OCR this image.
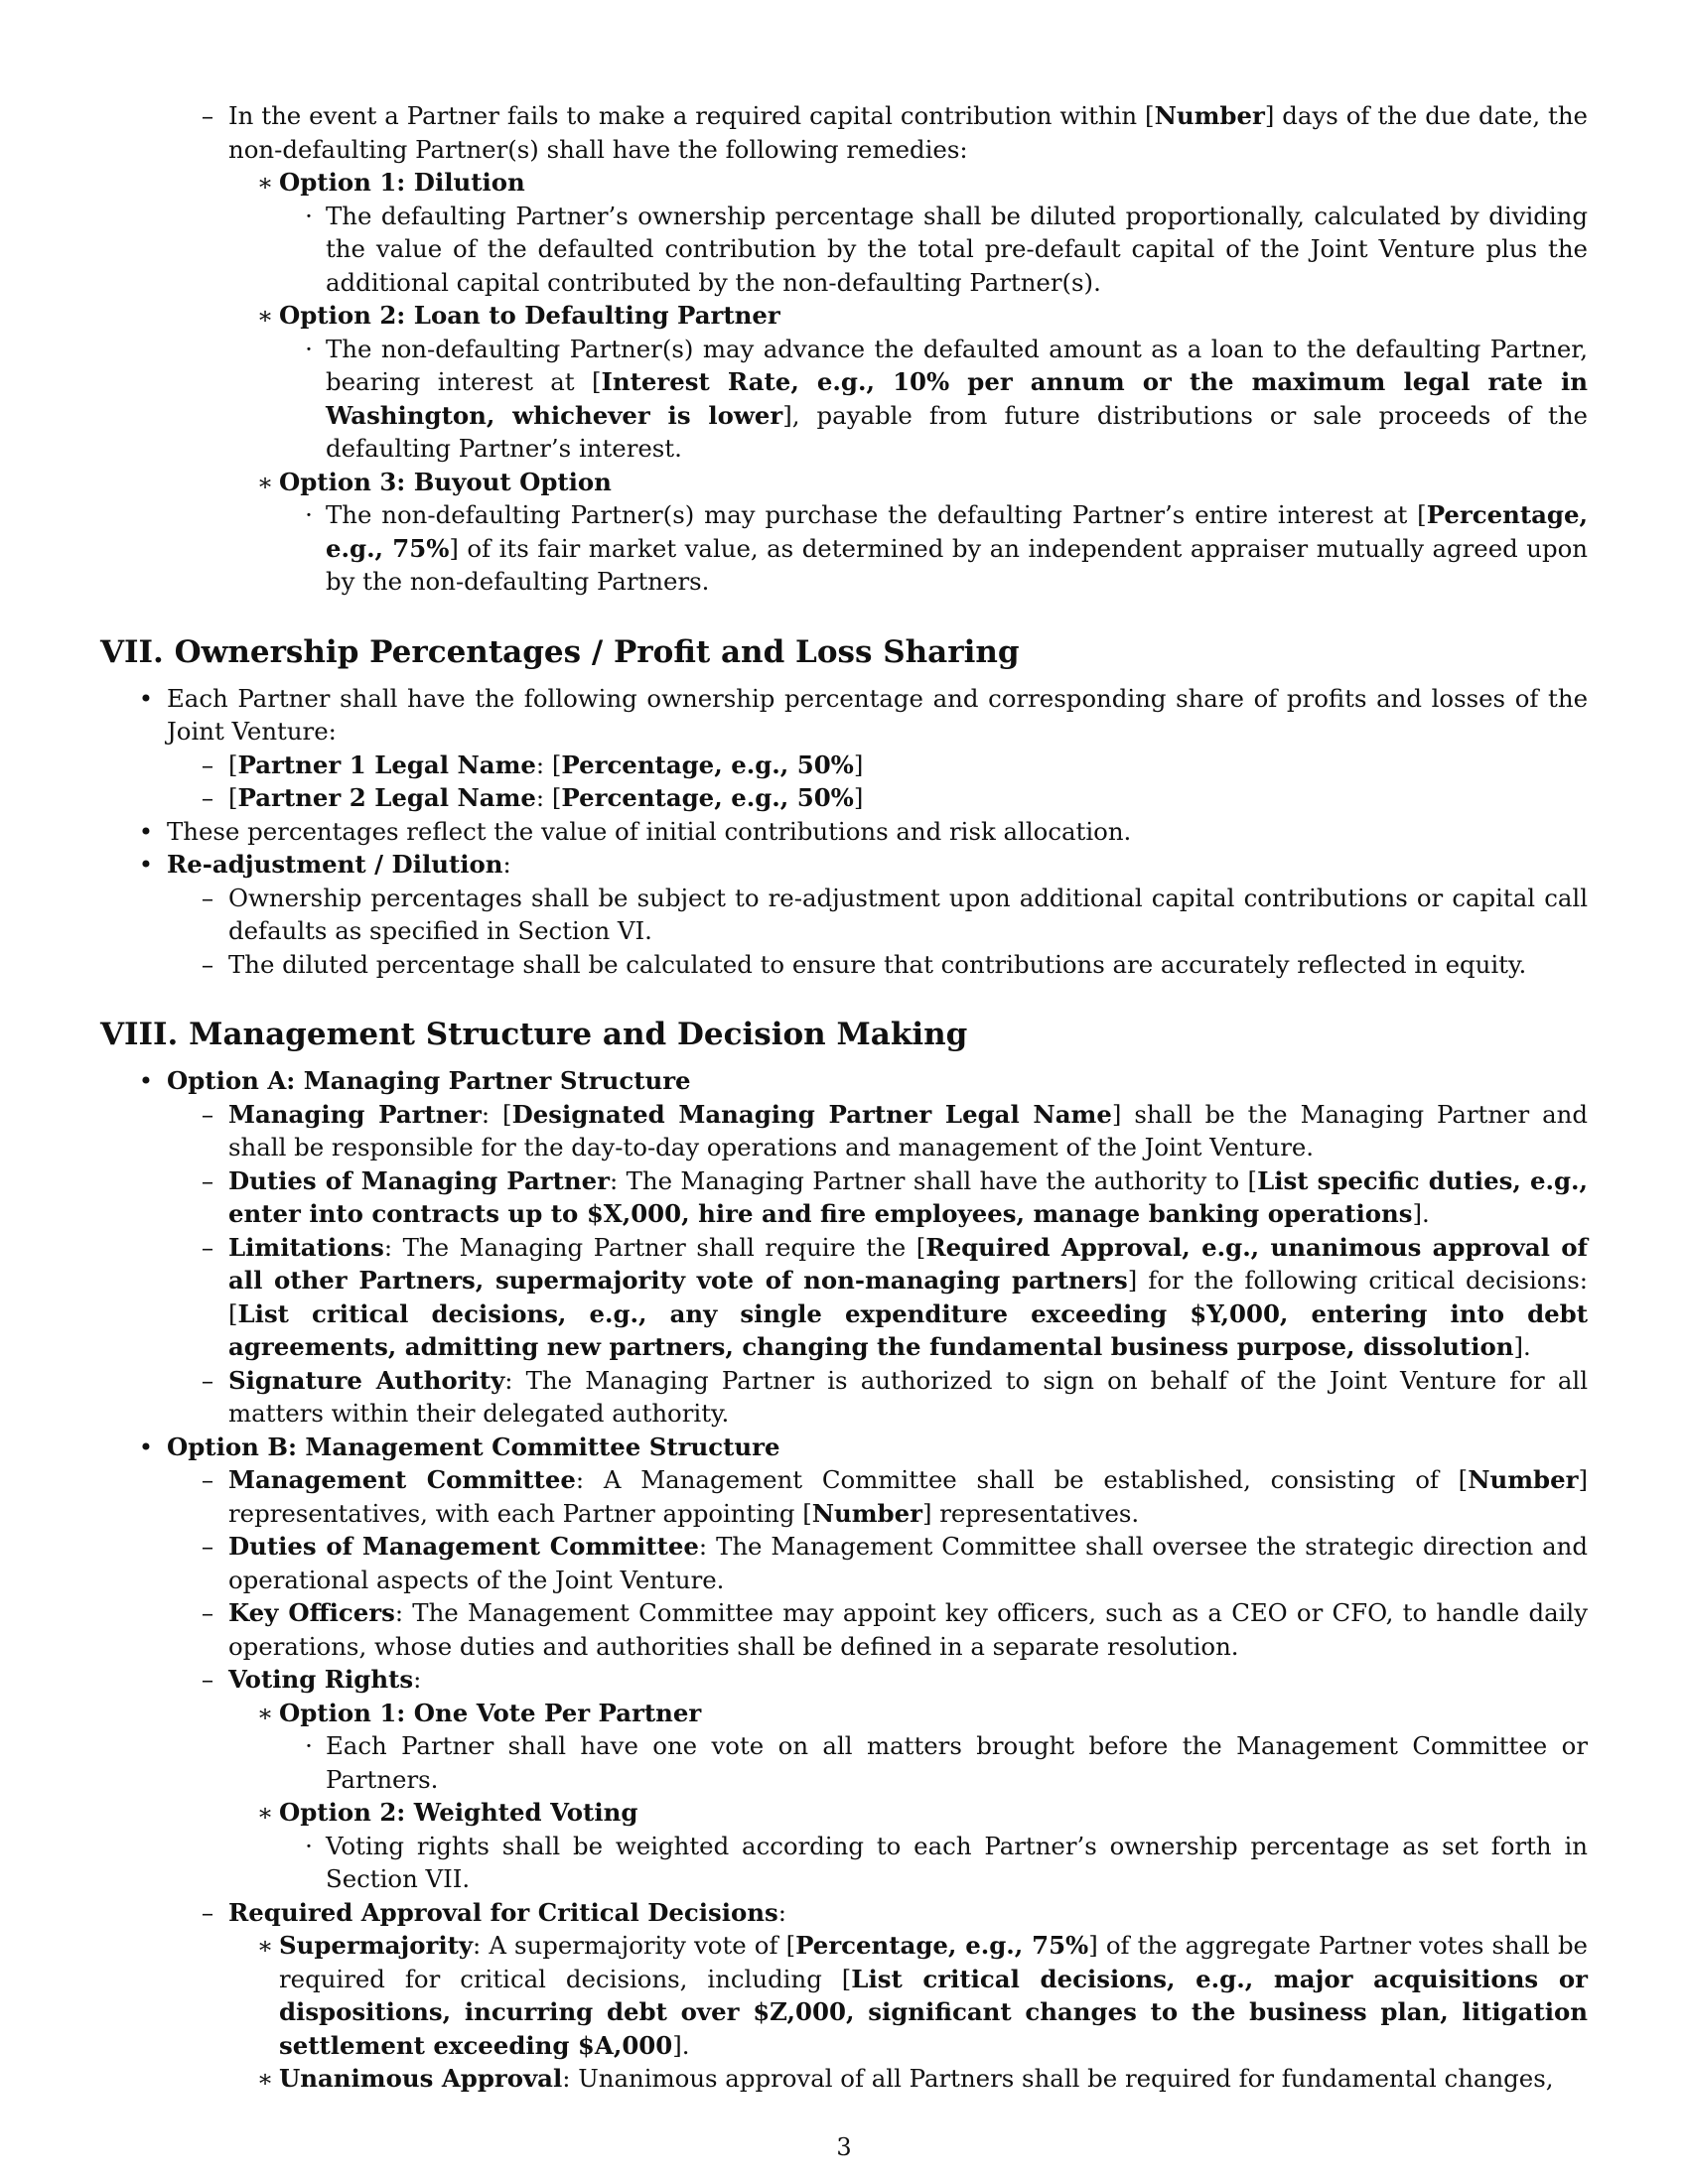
– In the event a Partner fails to make a required capital contribution within [Number] days of the due date, the non-defaulting Partner(s) shall have the following remedies:

∗ Option 1: Dilution

· The defaulting Partner’s ownership percentage shall be diluted proportionally, calculated by dividing the value of the defaulted contribution by the total pre-default capital of the Joint Venture plus the additional capital contributed by the non-defaulting Partner(s).

∗ Option 2: Loan to Defaulting Partner

· The non-defaulting Partner(s) may advance the defaulted amount as a loan to the defaulting Partner, bearing interest at [Interest Rate, e.g., 10% per annum or the maximum legal rate in Washington, whichever is lower], payable from future distributions or sale proceeds of the defaulting Partner’s interest.

∗ Option 3: Buyout Option

· The non-defaulting Partner(s) may purchase the defaulting Partner’s entire interest at [Percentage, e.g., 75%] of its fair market value, as determined by an independent appraiser mutually agreed upon by the non-defaulting Partners.

VII. Ownership Percentages / Profit and Loss Sharing
• Each Partner shall have the following ownership percentage and corresponding share of profits and losses of the Joint Venture:

– [Partner 1 Legal Name: [Percentage, e.g., 50%]

– [Partner 2 Legal Name: [Percentage, e.g., 50%]

• These percentages reflect the value of initial contributions and risk allocation.

• Re-adjustment / Dilution:

– Ownership percentages shall be subject to re-adjustment upon additional capital contributions or capital call defaults as specified in Section VI.

– The diluted percentage shall be calculated to ensure that contributions are accurately reflected in equity.

VIII. Management Structure and Decision Making
• Option A: Managing Partner Structure

– Managing Partner: [Designated Managing Partner Legal Name] shall be the Managing Partner and shall be responsible for the day-to-day operations and management of the Joint Venture.

– Duties of Managing Partner: The Managing Partner shall have the authority to [List specific duties, e.g., enter into contracts up to $X,000, hire and fire employees, manage banking operations].

– Limitations: The Managing Partner shall require the [Required Approval, e.g., unanimous approval of all other Partners, supermajority vote of non-managing partners] for the following critical decisions: [List critical decisions, e.g., any single expenditure exceeding $Y,000, entering into debt agreements, admitting new partners, changing the fundamental business purpose, dissolution].

– Signature Authority: The Managing Partner is authorized to sign on behalf of the Joint Venture for all matters within their delegated authority.

• Option B: Management Committee Structure

– Management Committee: A Management Committee shall be established, consisting of [Number] representatives, with each Partner appointing [Number] representatives.

– Duties of Management Committee: The Management Committee shall oversee the strategic direction and operational aspects of the Joint Venture.

– Key Officers: The Management Committee may appoint key officers, such as a CEO or CFO, to handle daily operations, whose duties and authorities shall be defined in a separate resolution.

– Voting Rights:

∗ Option 1: One Vote Per Partner

· Each Partner shall have one vote on all matters brought before the Management Committee or Partners.

∗ Option 2: Weighted Voting

· Voting rights shall be weighted according to each Partner’s ownership percentage as set forth in Section VII.

– Required Approval for Critical Decisions:

∗ Supermajority: A supermajority vote of [Percentage, e.g., 75%] of the aggregate Partner votes shall be required for critical decisions, including [List critical decisions, e.g., major acquisitions or dispositions, incurring debt over $Z,000, significant changes to the business plan, litigation settlement exceeding $A,000].

∗ Unanimous Approval: Unanimous approval of all Partners shall be required for fundamental changes,

3
